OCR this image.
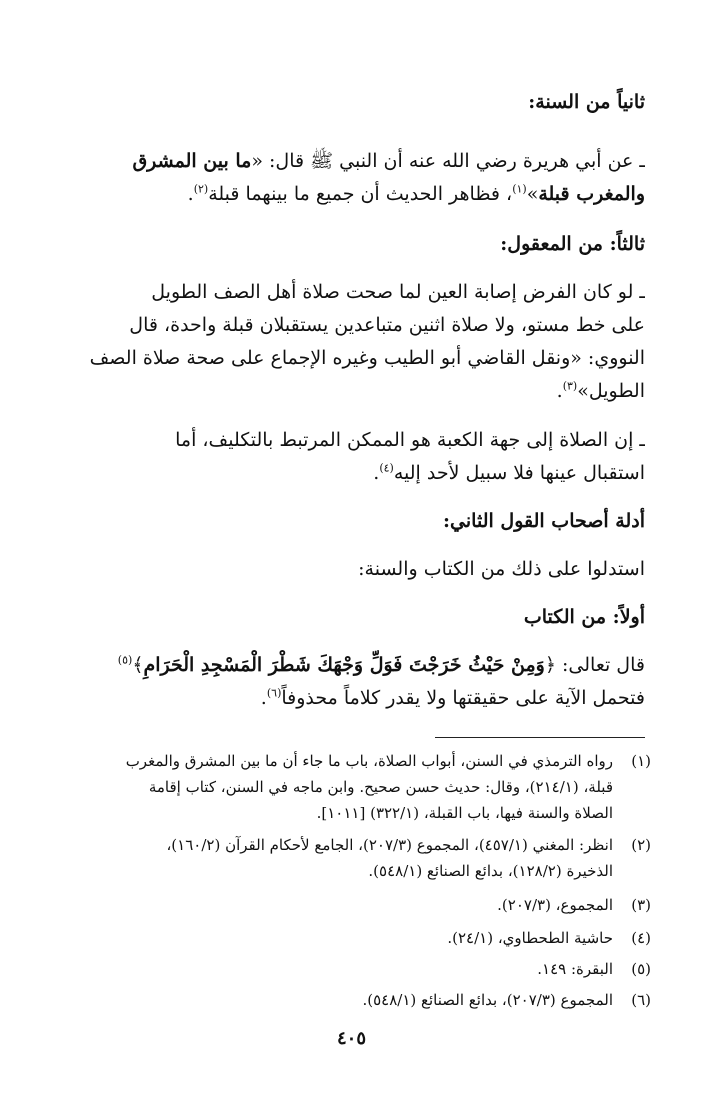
ثانياً من السنة:
ـ عن أبي هريرة رضي الله عنه أن النبي ﷺ قال: «ما بين المشرق
والمغرب قبلة»$^{(١)}$، فظاهر الحديث أن جميع ما بينهما قبلة$^{(٢)}$.
ثالثاً: من المعقول:
ـ لو كان الفرض إصابة العين لما صحت صلاة أهل الصف الطويل
على خط مستو، ولا صلاة اثنين متباعدين يستقبلان قبلة واحدة، قال
النووي: «ونقل القاضي أبو الطيب وغيره الإجماع على صحة صلاة الصف
الطويل»$^{(٣)}$.
ـ إن الصلاة إلى جهة الكعبة هو الممكن المرتبط بالتكليف، أما
استقبال عينها فلا سبيل لأحد إليه$^{(٤)}$.
أدلة أصحاب القول الثاني:
استدلوا على ذلك من الكتاب والسنة:
أولاً: من الكتاب
قال تعالى: ﴿وَمِنْ حَيْثُ خَرَجْتَ فَوَلِّ وَجْهَكَ شَطْرَ الْمَسْجِدِ الْحَرَامِ﴾$^{(٥)}$
فتحمل الآية على حقيقتها ولا يقدر كلاماً محذوفاً$^{(٦)}$.
(١)
رواه الترمذي في السنن، أبواب الصلاة، باب ما جاء أن ما بين المشرق والمغرب
قبلة، (٢١٤/١)، وقال: حديث حسن صحيح. وابن ماجه في السنن، كتاب إقامة
الصلاة والسنة فيها، باب القبلة، (٣٢٢/١) [١٠١١].
(٢)
انظر: المغني (٤٥٧/١)، المجموع (٢٠٧/٣)، الجامع لأحكام القرآن (١٦٠/٢)،
الذخيرة (١٢٨/٢)، بدائع الصنائع (٥٤٨/١).
(٣)
المجموع، (٢٠٧/٣).
(٤)
حاشية الطحطاوي، (٢٤/١).
(٥)
البقرة: ١٤٩.
(٦)
المجموع (٢٠٧/٣)، بدائع الصنائع (٥٤٨/١).
٤٠٥
